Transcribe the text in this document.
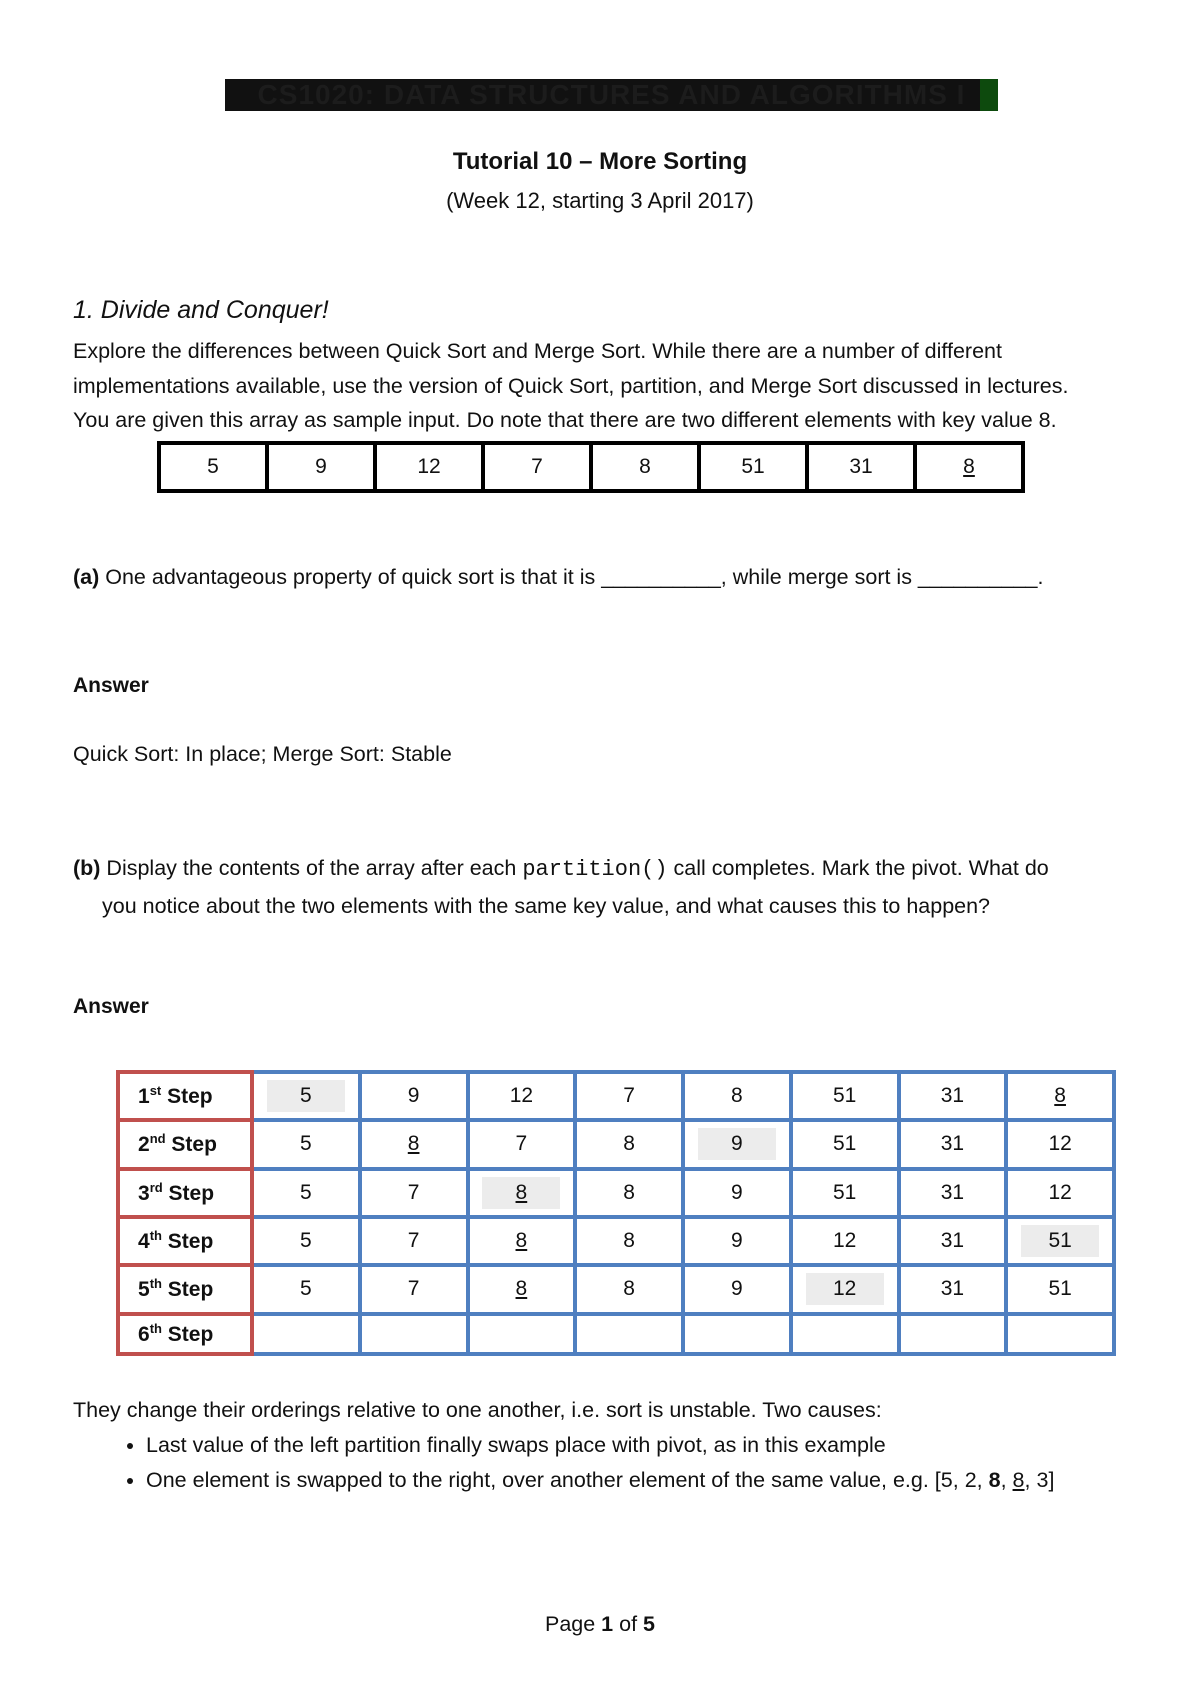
CS1020: DATA STRUCTURES AND ALGORITHMS I
Tutorial 10 – More Sorting
(Week 12, starting 3 April 2017)
1. Divide and Conquer!

Explore the differences between Quick Sort and Merge Sort. While there are a number of different

implementations available, use the version of Quick Sort, partition, and Merge Sort discussed in lectures.

You are given this array as sample input. Do note that there are two different elements with key value 8.

5	9	12	7	8	51	31	8
(a) One advantageous property of quick sort is that it is __________, while merge sort is __________.
Answer
Quick Sort: In place; Merge Sort: Stable
(b) Display the contents of the array after each partition() call completes. Mark the pivot. What do
you notice about the two elements with the same key value, and what causes this to happen?
Answer
1st Step	5	9	12	7	8	51	31	8
2nd Step	5	8	7	8	9	51	31	12
3rd Step	5	7	8	8	9	51	31	12
4th Step	5	7	8	8	9	12	31	51
5th Step	5	7	8	8	9	12	31	51
6th Step								
They change their orderings relative to one another, i.e. sort is unstable. Two causes:
• Last value of the left partition finally swaps place with pivot, as in this example
• One element is swapped to the right, over another element of the same value, e.g. [5, 2, 8, 8, 3]
Page 1 of 5
